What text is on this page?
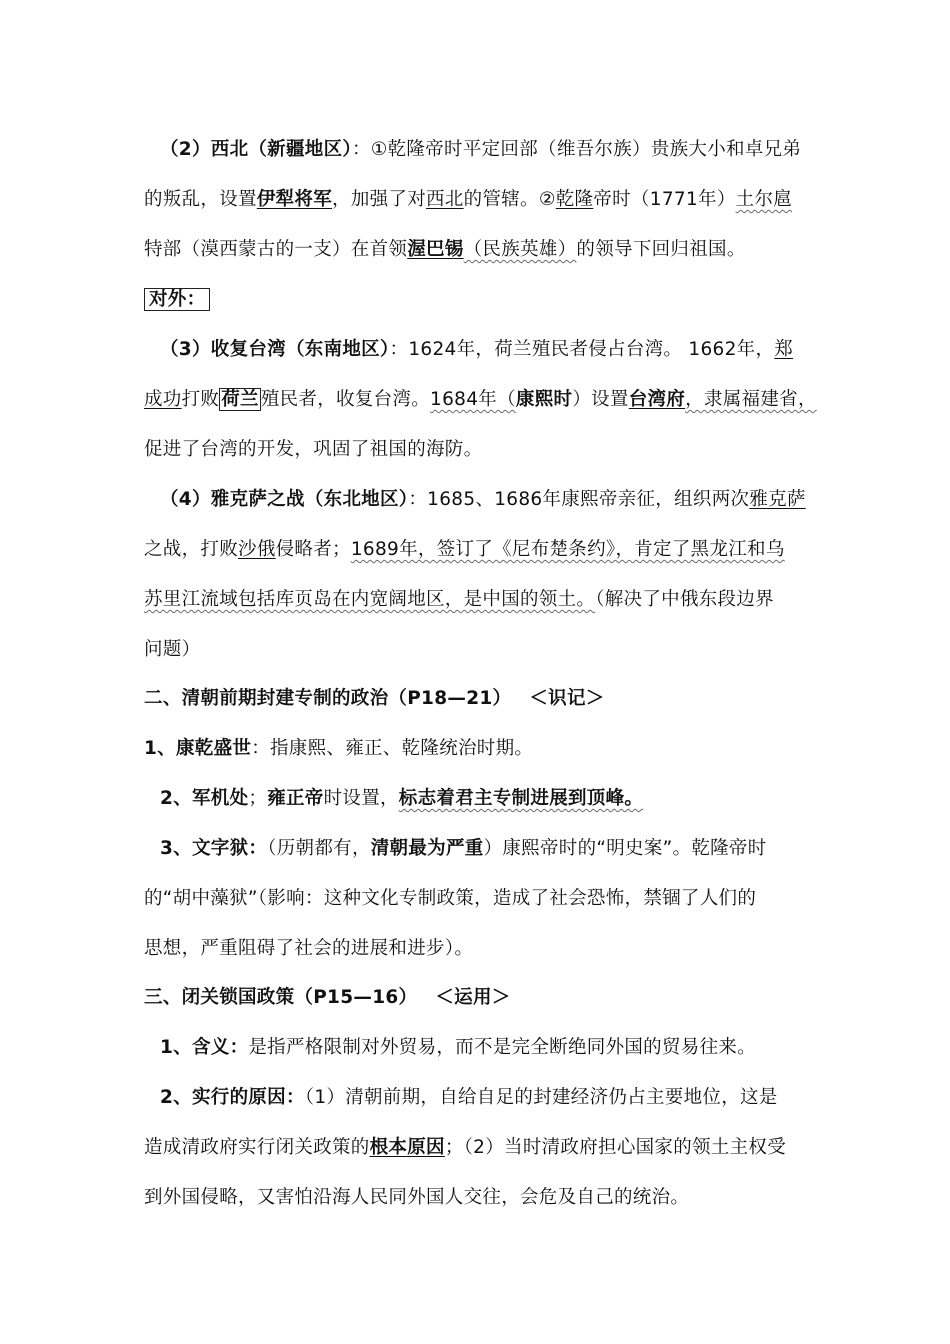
（2）西北（新疆地区）：①乾隆帝时平定回部（维吾尔族）贵族大小和卓兄弟
的叛乱，设置伊犁将军，加强了对西北的管辖。②乾隆帝时（1771年）土尔扈
特部（漠西蒙古的一支）在首领渥巴锡（民族英雄）的领导下回归祖国。
对外：
（3）收复台湾（东南地区）：1624年，荷兰殖民者侵占台湾。 1662年，郑
成功打败 荷兰 殖民者，收复台湾。1684年（康熙时）设置台湾府，隶属福建省，
促进了台湾的开发，巩固了祖国的海防。
（4）雅克萨之战（东北地区）：1685、1686年康熙帝亲征，组织两次雅克萨
之战，打败沙俄侵略者；1689年，签订了《尼布楚条约》，肯定了黑龙江和乌
苏里江流域包括库页岛在内宽阔地区，是中国的领土。（解决了中俄东段边界
问题）
二、清朝前期封建专制的政治（P18—21） ＜识记＞
1、康乾盛世：指康熙、雍正、乾隆统治时期。
2、军机处；雍正帝时设置，标志着君主专制进展到顶峰。
3、文字狱：（历朝都有，清朝最为严重）康熙帝时的“明史案”。乾隆帝时
的“胡中藻狱”（影响：这种文化专制政策，造成了社会恐怖，禁锢了人们的
思想，严重阻碍了社会的进展和进步）。
三、闭关锁国政策（P15—16） ＜运用＞
1、含义：是指严格限制对外贸易，而不是完全断绝同外国的贸易往来。
2、实行的原因：（1）清朝前期，自给自足的封建经济仍占主要地位，这是
造成清政府实行闭关政策的根本原因；（2）当时清政府担心国家的领土主权受
到外国侵略，又害怕沿海人民同外国人交往，会危及自己的统治。
